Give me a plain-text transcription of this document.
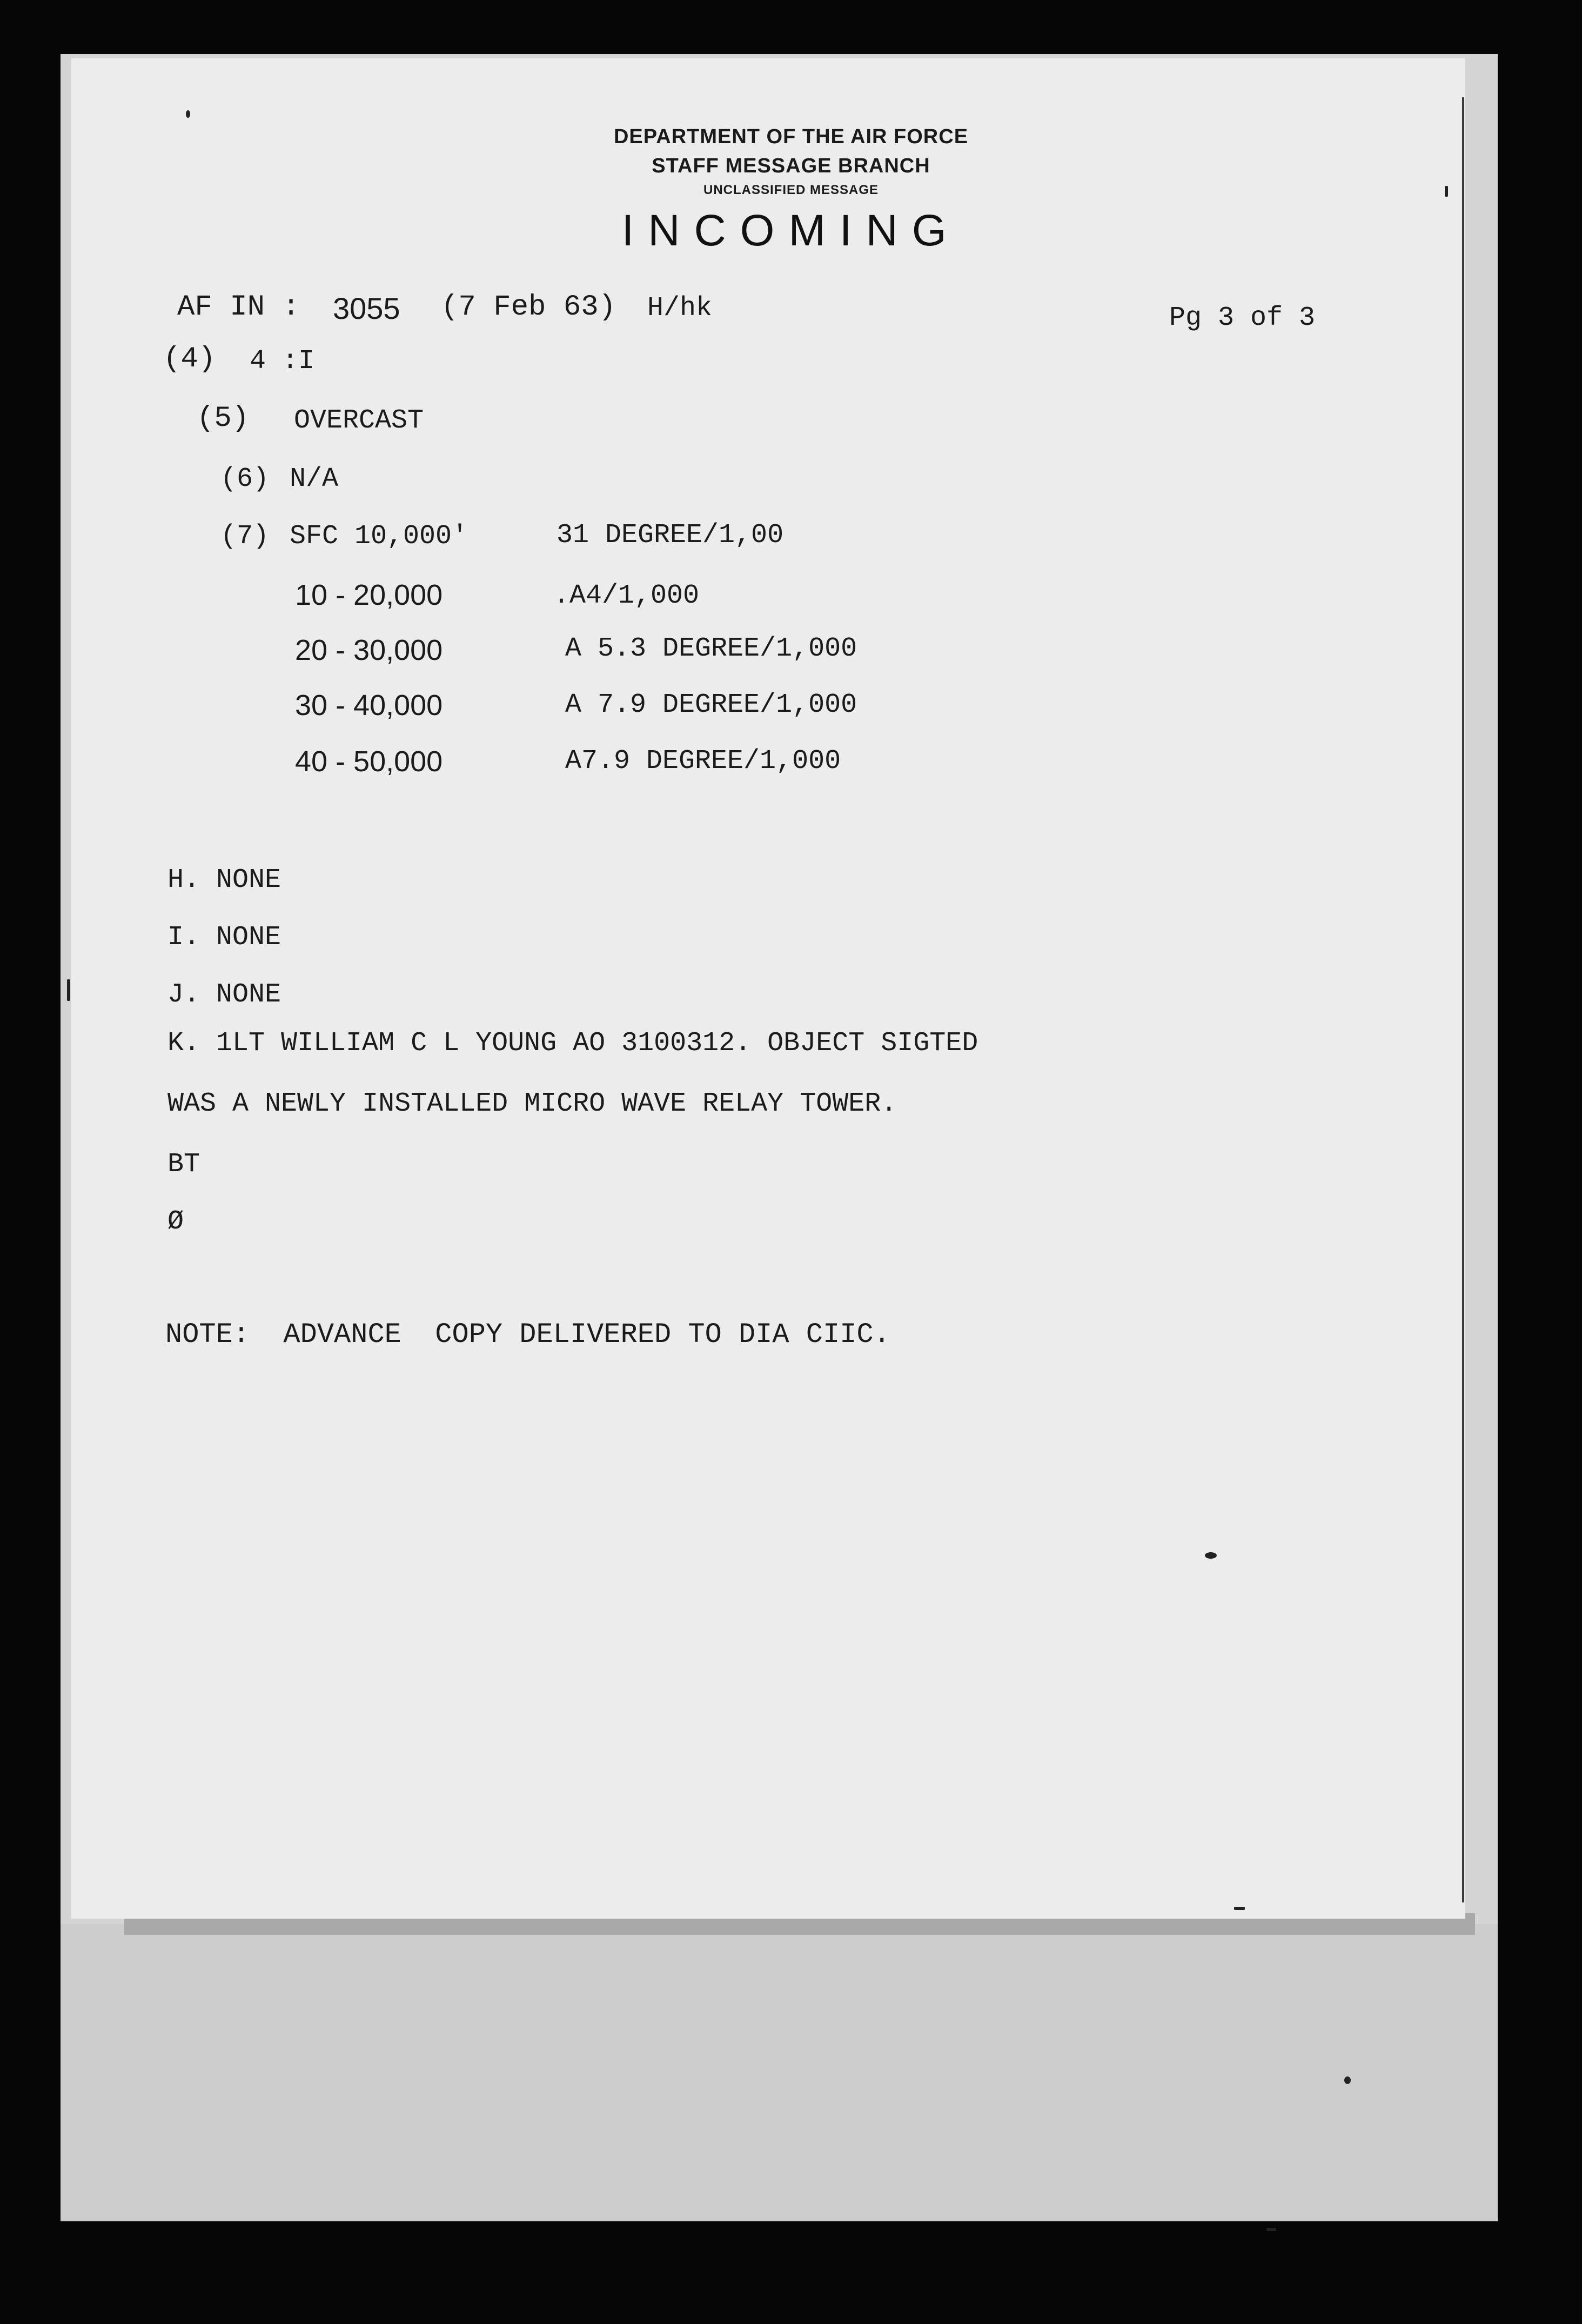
DEPARTMENT OF THE AIR FORCE
STAFF MESSAGE BRANCH
UNCLASSIFIED MESSAGE
INCOMING
AF IN : 3055 (7 Feb 63) H/hk	Pg 3 of 3
(4) 4 :I
(5) OVERCAST
(6) N/A
(7) SFC 10,000'	31 DEGREE/1,00
10 - 20,000	.A4/1,000
20 - 30,000	A 5.3 DEGREE/1,000
30 - 40,000	A 7.9 DEGREE/1,000
40 - 50,000	A7.9 DEGREE/1,000
H. NONE
I. NONE
J. NONE
K. 1LT WILLIAM C L YOUNG AO 3100312. OBJECT SIGTED
WAS A NEWLY INSTALLED MICRO WAVE RELAY TOWER.
BT
Ø
NOTE:  ADVANCE  COPY DELIVERED TO DIA CIIC.
